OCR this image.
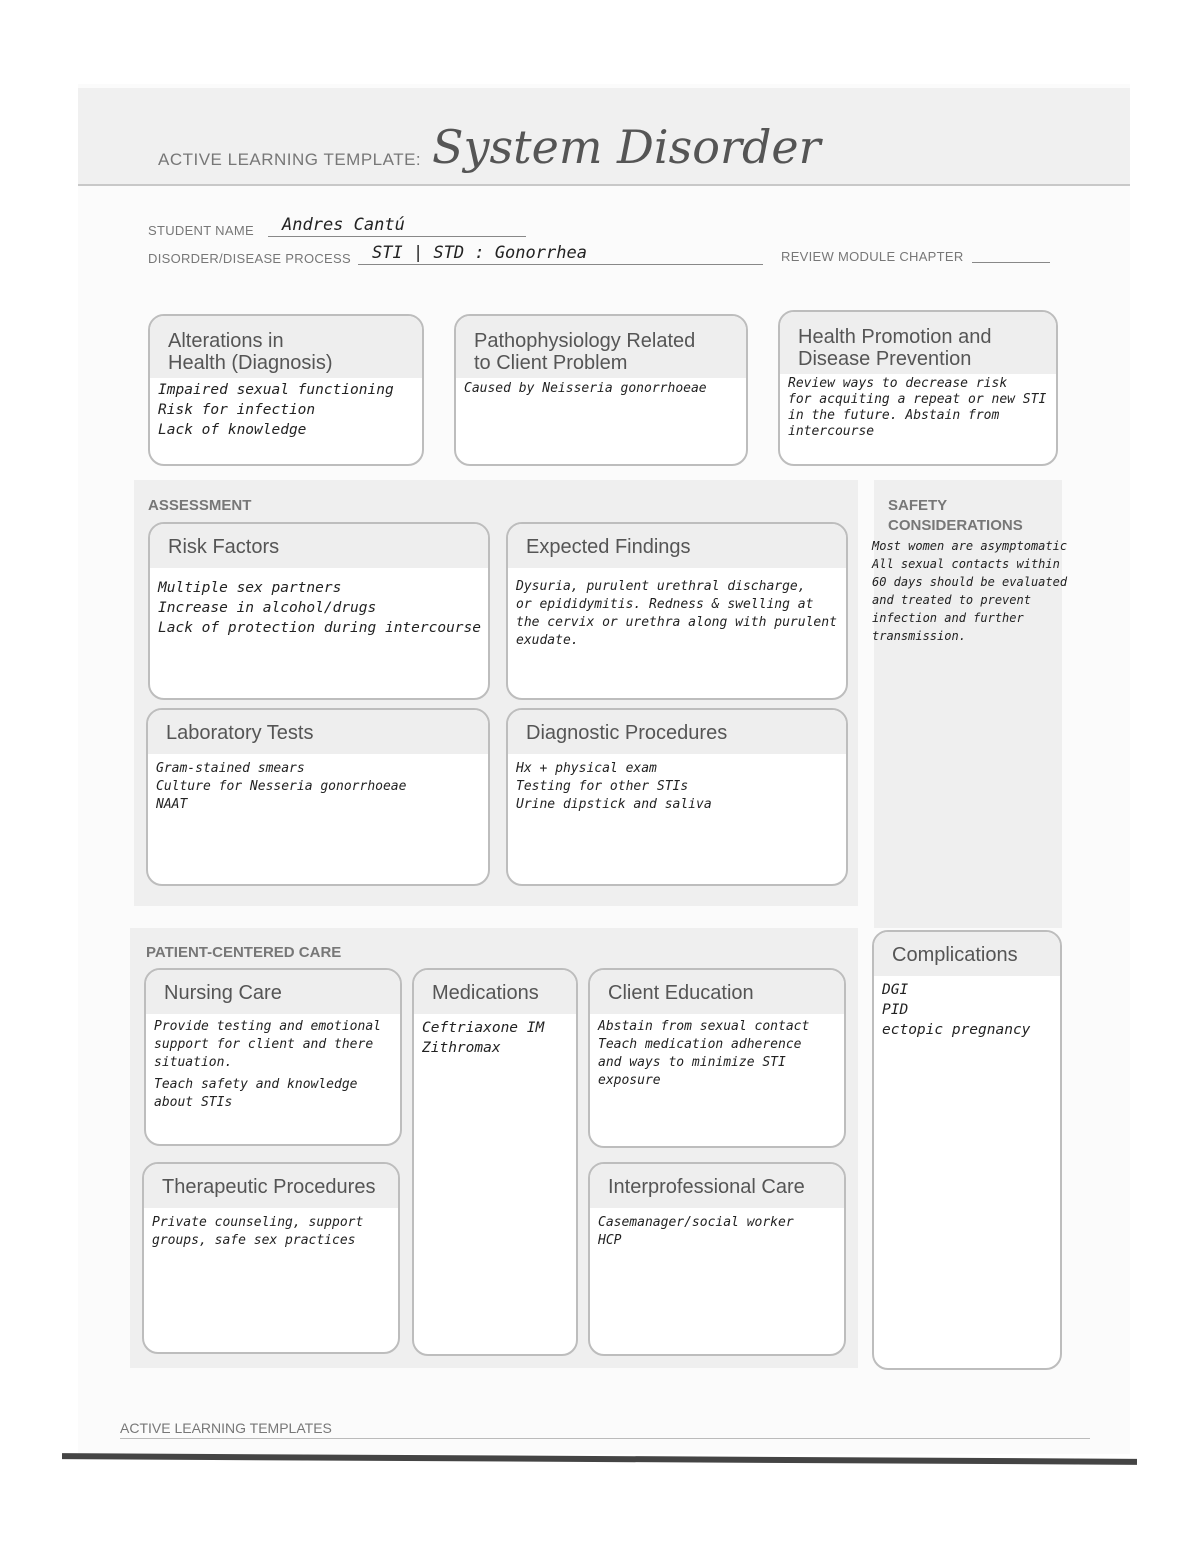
ACTIVE LEARNING TEMPLATE: System Disorder
STUDENT NAME Andres Cantú
DISORDER/DISEASE PROCESS STI | STD : Gonorrhea	REVIEW MODULE CHAPTER
Alterations in
Health (Diagnosis)
Impaired sexual functioning
Risk for infection
Lack of knowledge
Pathophysiology Related
to Client Problem
Caused by Neisseria gonorrhoeae
Health Promotion and
Disease Prevention
Review ways to decrease risk
for acquiting a repeat or new STI
in the future. Abstain from
intercourse
ASSESSMENT
Risk Factors
Multiple sex partners
Increase in alcohol/drugs
Lack of protection during intercourse
Expected Findings
Dysuria, purulent urethral discharge,
or epididymitis. Redness & swelling at
the cervix or urethra along with purulent
exudate.
Laboratory Tests
Gram-stained smears
Culture for Nesseria gonorrhoeae
NAAT
Diagnostic Procedures
Hx + physical exam
Testing for other STIs
Urine dipstick and saliva
SAFETY
CONSIDERATIONS
Most women are asymptomatic
All sexual contacts within
60 days should be evaluated
and treated to prevent
infection and further
transmission.
PATIENT-CENTERED CARE
Nursing Care
Provide testing and emotional
support for client and there
situation.
Teach safety and knowledge
about STIs
Medications
Ceftriaxone IM
Zithromax
Client Education
Abstain from sexual contact
Teach medication adherence
and ways to minimize STI
exposure
Therapeutic Procedures
Private counseling, support
groups, safe sex practices
Interprofessional Care
Casemanager/social worker
HCP
Complications
DGI
PID
ectopic pregnancy
ACTIVE LEARNING TEMPLATES
